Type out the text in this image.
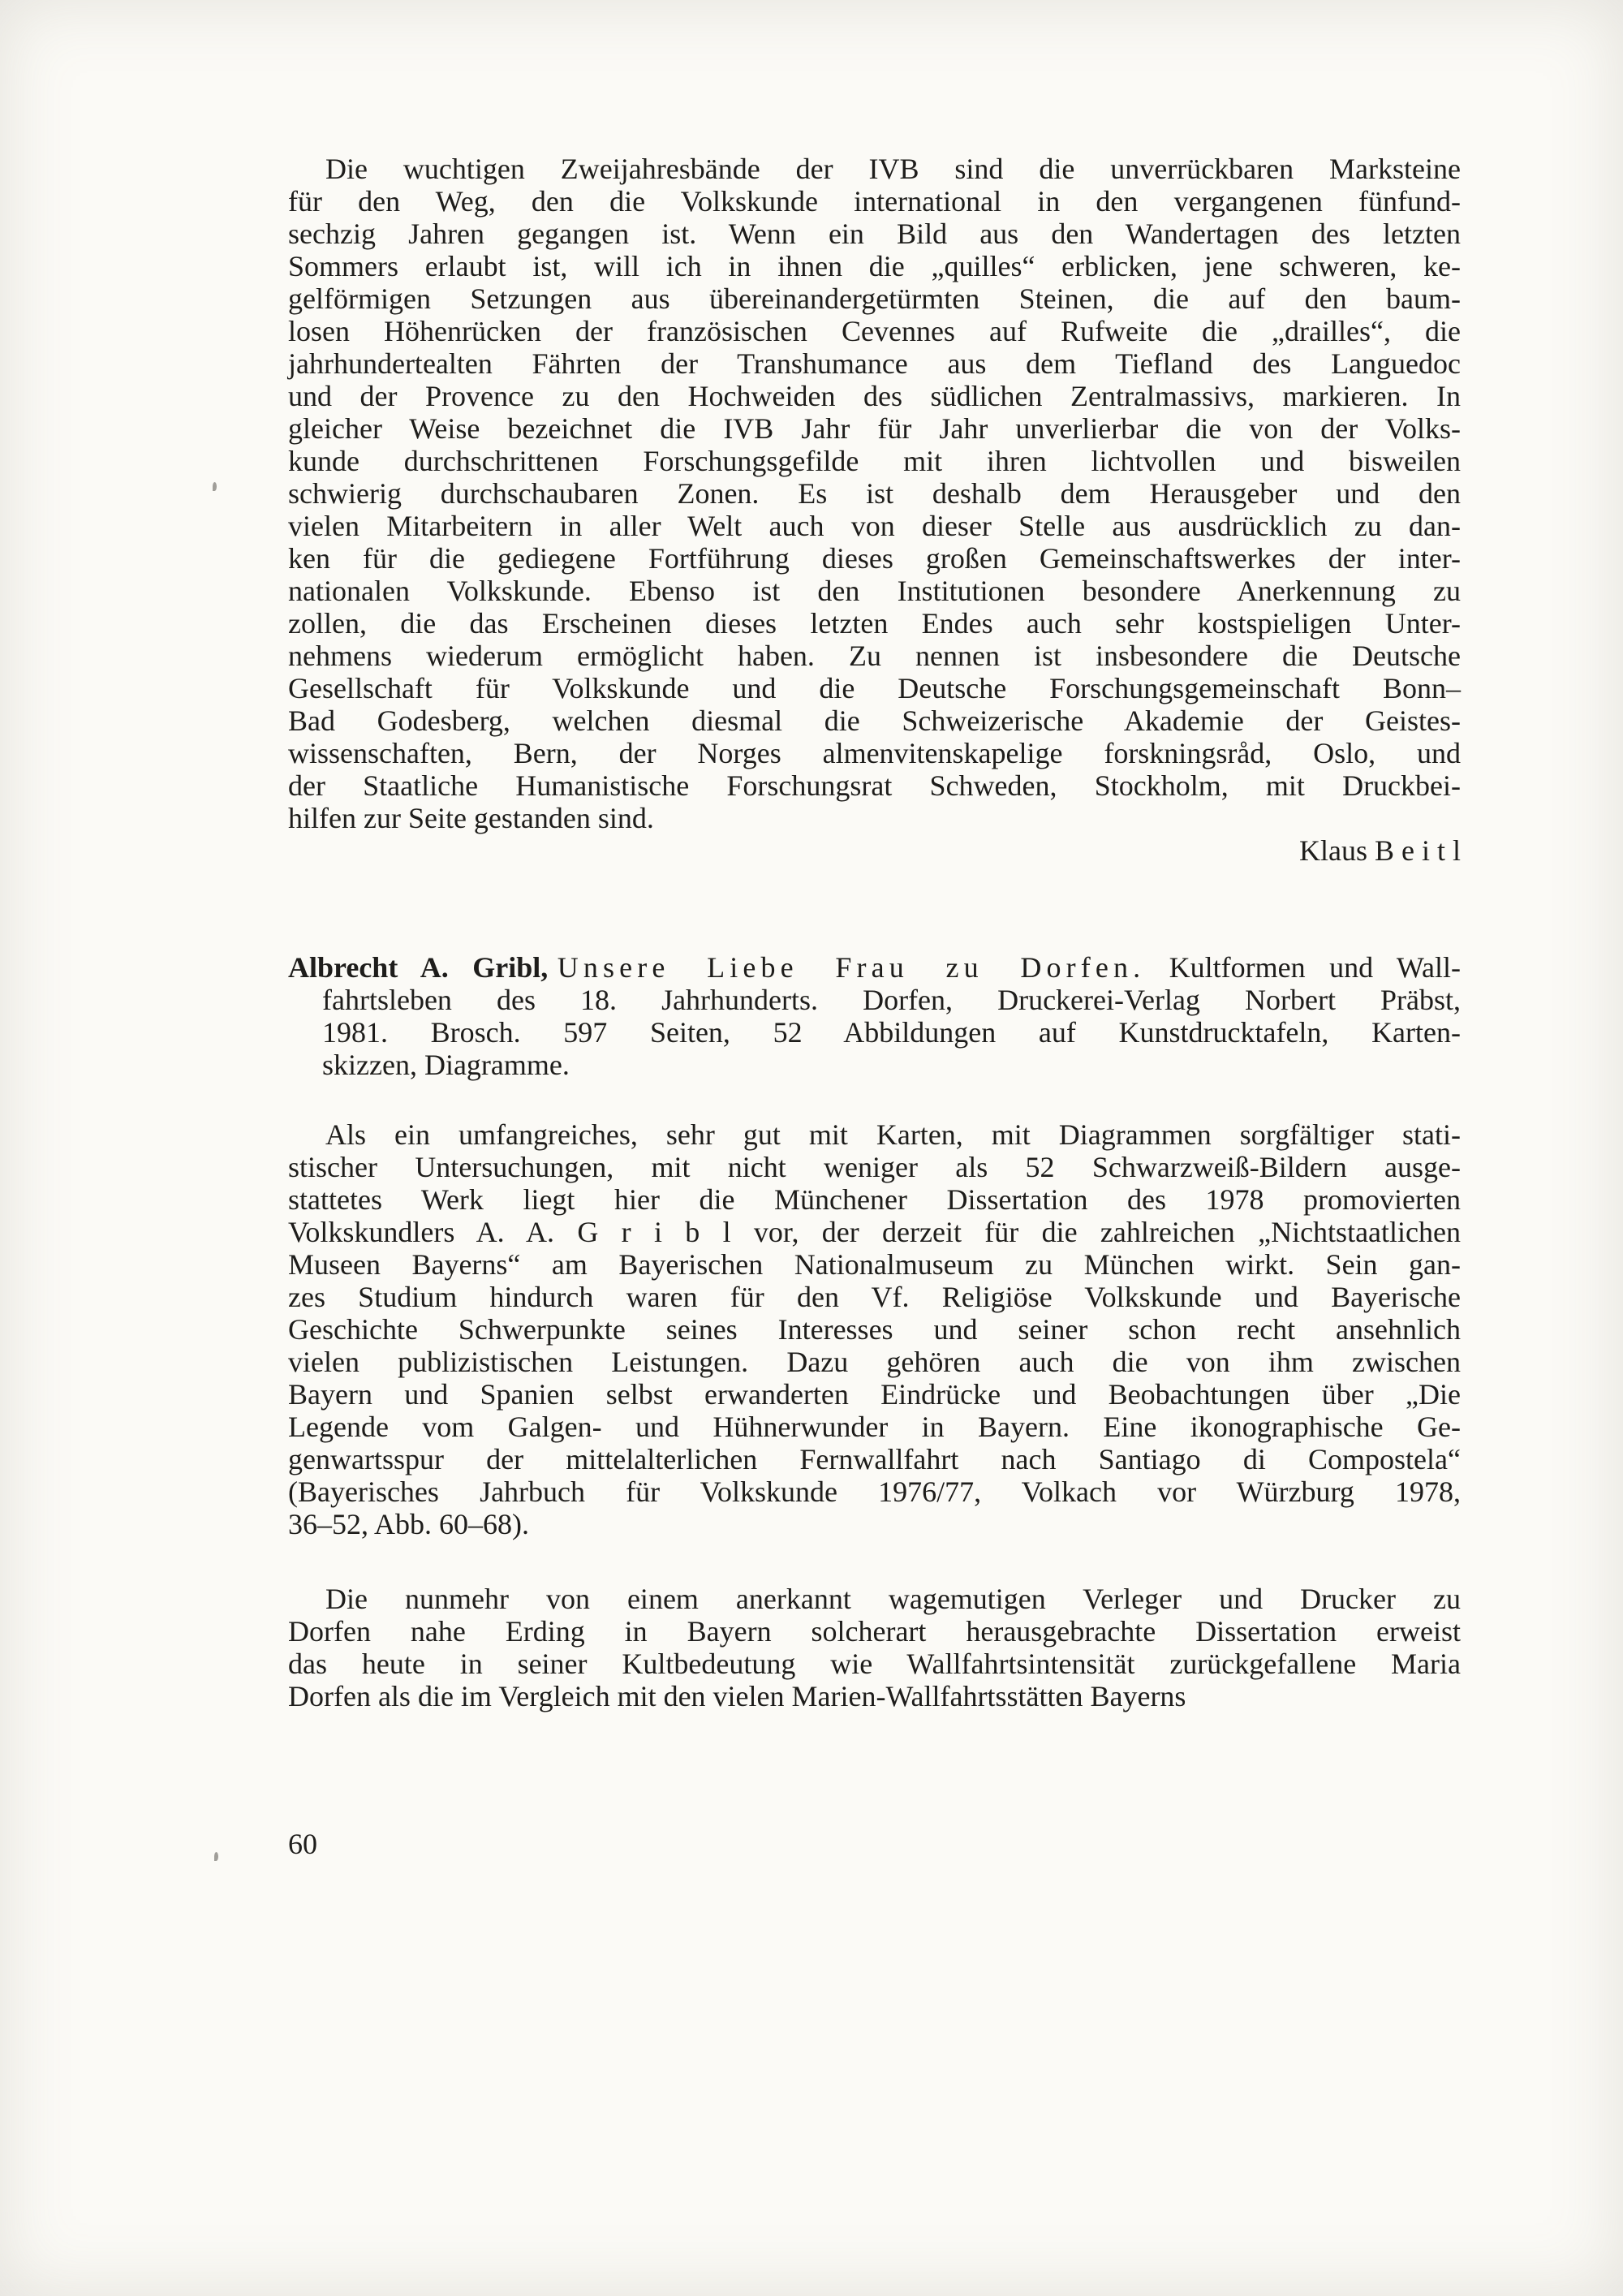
Die wuchtigen Zweijahresbände der IVB sind die unverrückbaren Marksteine
für den Weg, den die Volkskunde international in den vergangenen fünfund-
sechzig Jahren gegangen ist. Wenn ein Bild aus den Wandertagen des letzten
Sommers erlaubt ist, will ich in ihnen die „quilles“ erblicken, jene schweren, ke-
gelförmigen Setzungen aus übereinandergetürmten Steinen, die auf den baum-
losen Höhenrücken der französischen Cevennes auf Rufweite die „drailles“, die
jahrhundertealten Fährten der Transhumance aus dem Tiefland des Languedoc
und der Provence zu den Hochweiden des südlichen Zentralmassivs, markieren. In
gleicher Weise bezeichnet die IVB Jahr für Jahr unverlierbar die von der Volks-
kunde durchschrittenen Forschungsgefilde mit ihren lichtvollen und bisweilen
schwierig durchschaubaren Zonen. Es ist deshalb dem Herausgeber und den
vielen Mitarbeitern in aller Welt auch von dieser Stelle aus ausdrücklich zu dan-
ken für die gediegene Fortführung dieses großen Gemeinschaftswerkes der inter-
nationalen Volkskunde. Ebenso ist den Institutionen besondere Anerkennung zu
zollen, die das Erscheinen dieses letzten Endes auch sehr kostspieligen Unter-
nehmens wiederum ermöglicht haben. Zu nennen ist insbesondere die Deutsche
Gesellschaft für Volkskunde und die Deutsche Forschungsgemeinschaft Bonn–
Bad Godesberg, welchen diesmal die Schweizerische Akademie der Geistes-
wissenschaften, Bern, der Norges almenvitenskapelige forskningsråd, Oslo, und
der Staatliche Humanistische Forschungsrat Schweden, Stockholm, mit Druckbei-
hilfen zur Seite gestanden sind.
Klaus B e i t l
Albrecht A. Gribl, Unsere Liebe Frau zu Dorfen. Kultformen und Wall-
fahrtsleben des 18. Jahrhunderts. Dorfen, Druckerei-Verlag Norbert Präbst,
1981. Brosch. 597 Seiten, 52 Abbildungen auf Kunstdrucktafeln, Karten-
skizzen, Diagramme.
Als ein umfangreiches, sehr gut mit Karten, mit Diagrammen sorgfältiger stati-
stischer Untersuchungen, mit nicht weniger als 52 Schwarzweiß-Bildern ausge-
stattetes Werk liegt hier die Münchener Dissertation des 1978 promovierten
Volkskundlers A. A. G r i b l vor, der derzeit für die zahlreichen „Nichtstaatlichen
Museen Bayerns“ am Bayerischen Nationalmuseum zu München wirkt. Sein gan-
zes Studium hindurch waren für den Vf. Religiöse Volkskunde und Bayerische
Geschichte Schwerpunkte seines Interesses und seiner schon recht ansehnlich
vielen publizistischen Leistungen. Dazu gehören auch die von ihm zwischen
Bayern und Spanien selbst erwanderten Eindrücke und Beobachtungen über „Die
Legende vom Galgen- und Hühnerwunder in Bayern. Eine ikonographische Ge-
genwartsspur der mittelalterlichen Fernwallfahrt nach Santiago di Compostela“
(Bayerisches Jahrbuch für Volkskunde 1976/77, Volkach vor Würzburg 1978,
36–52, Abb. 60–68).
Die nunmehr von einem anerkannt wagemutigen Verleger und Drucker zu
Dorfen nahe Erding in Bayern solcherart herausgebrachte Dissertation erweist
das heute in seiner Kultbedeutung wie Wallfahrtsintensität zurückgefallene Maria
Dorfen als die im Vergleich mit den vielen Marien-Wallfahrtsstätten Bayerns
60
